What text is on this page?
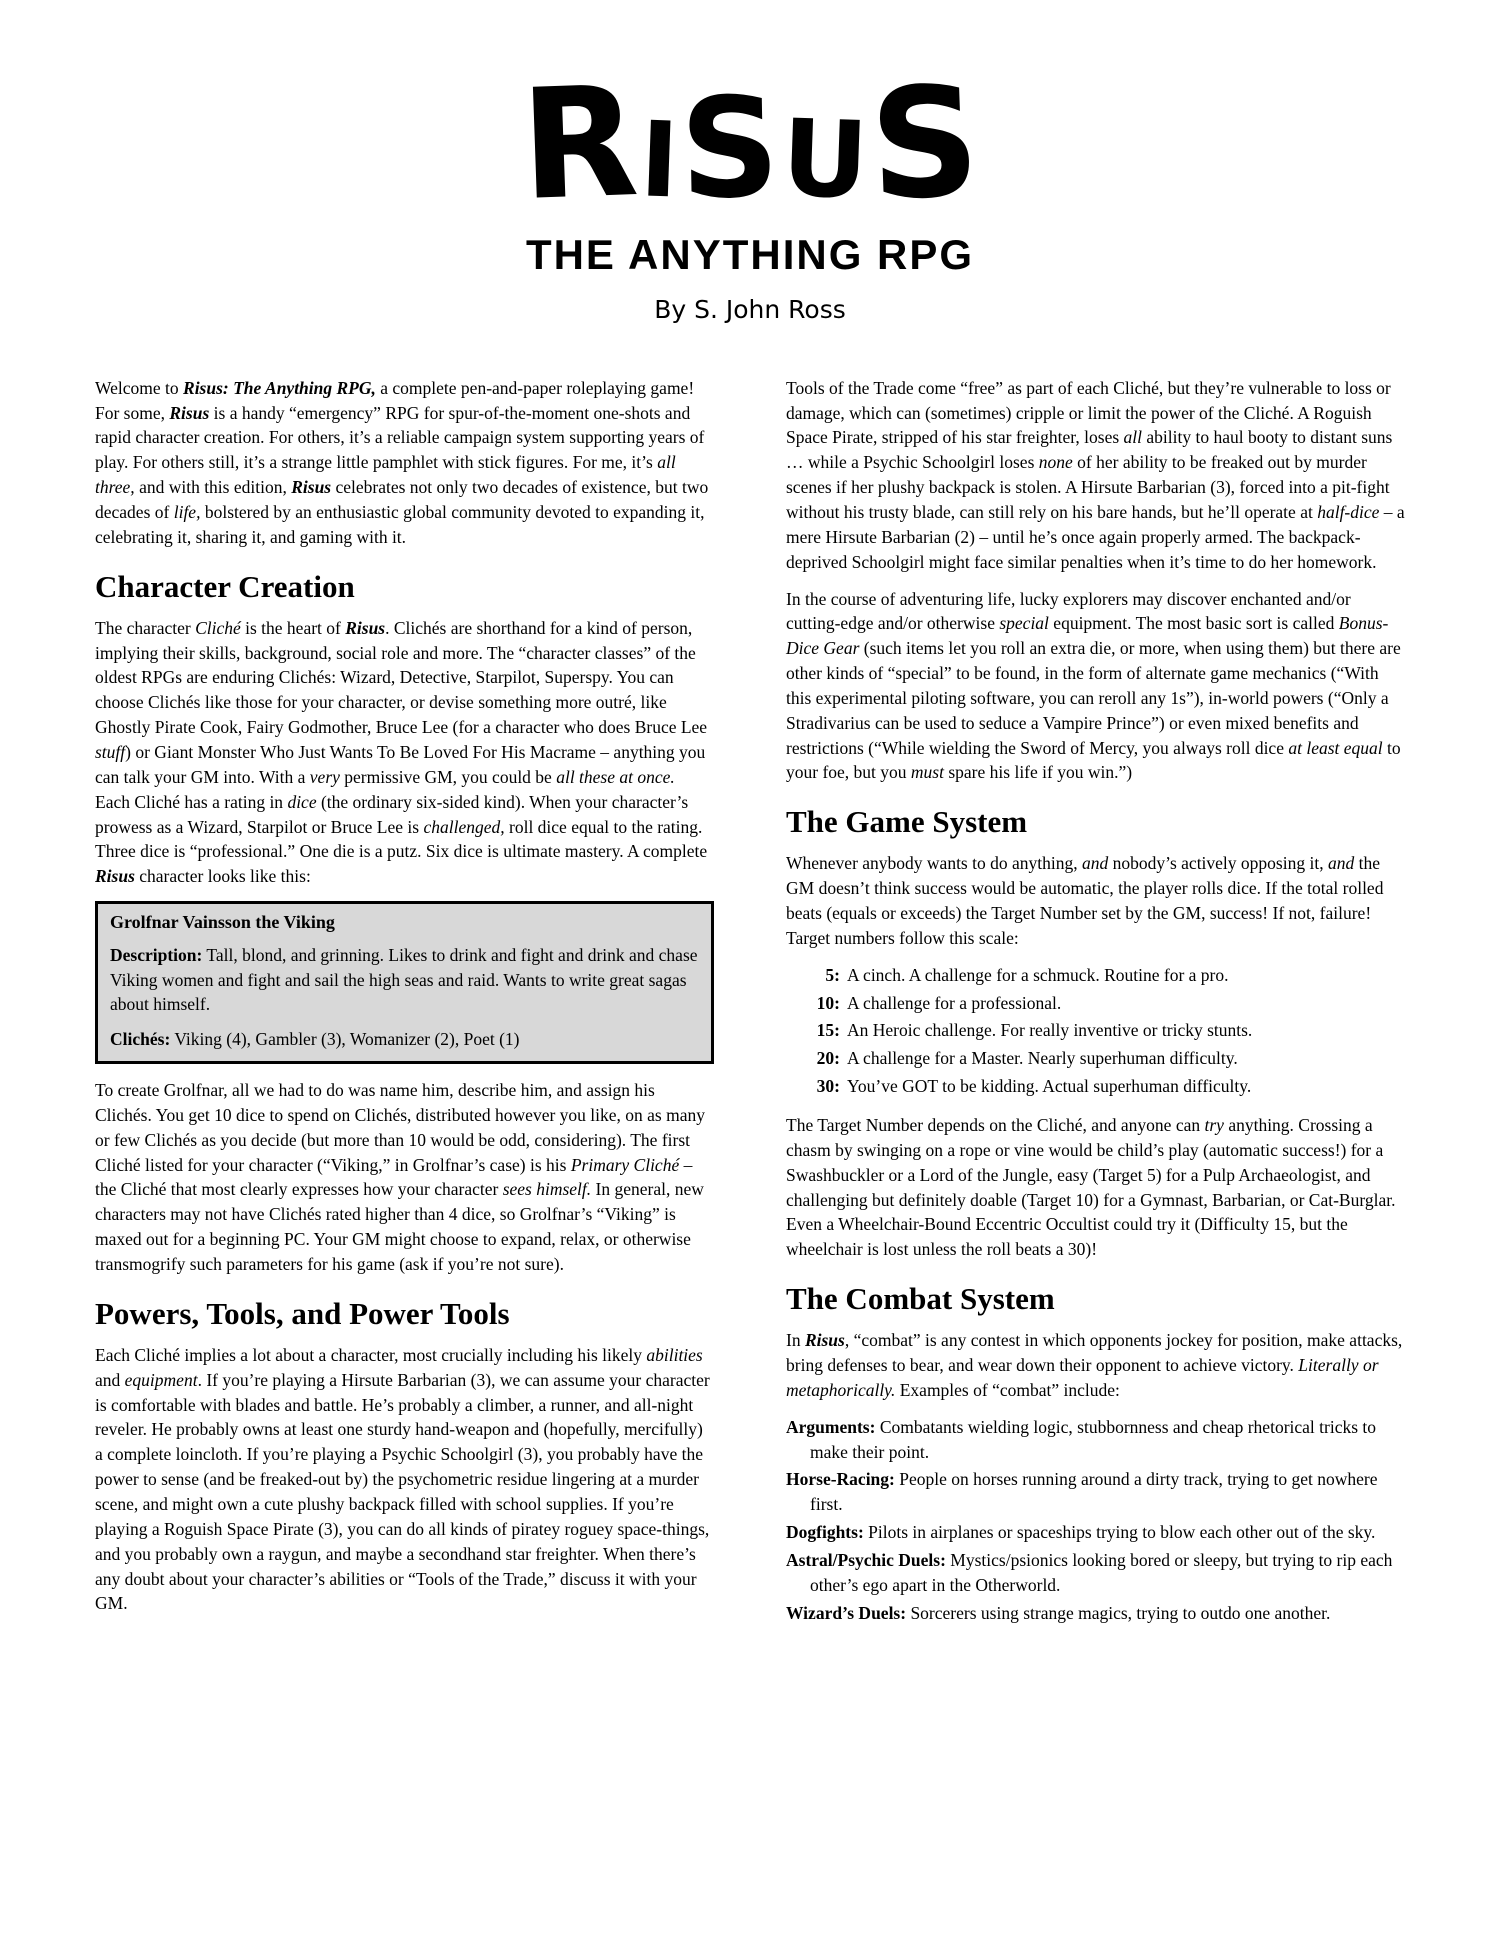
RISUS
THE ANYTHING RPG
By S. John Ross

Welcome to Risus: The Anything RPG, a complete pen-and-paper roleplaying game! For some, Risus is a handy “emergency” RPG for spur-of-the-moment one-shots and rapid character creation. For others, it’s a reliable campaign system supporting years of play. For others still, it’s a strange little pamphlet with stick figures. For me, it’s all three, and with this edition, Risus celebrates not only two decades of existence, but two decades of life, bolstered by an enthusiastic global community devoted to expanding it, celebrating it, sharing it, and gaming with it.

Character Creation

The character Cliché is the heart of Risus. Clichés are shorthand for a kind of person, implying their skills, background, social role and more. The “character classes” of the oldest RPGs are enduring Clichés: Wizard, Detective, Starpilot, Superspy. You can choose Clichés like those for your character, or devise something more outré, like Ghostly Pirate Cook, Fairy Godmother, Bruce Lee (for a character who does Bruce Lee stuff) or Giant Monster Who Just Wants To Be Loved For His Macrame – anything you can talk your GM into. With a very permissive GM, you could be all these at once. Each Cliché has a rating in dice (the ordinary six-sided kind). When your character’s prowess as a Wizard, Starpilot or Bruce Lee is challenged, roll dice equal to the rating. Three dice is “professional.” One die is a putz. Six dice is ultimate mastery. A complete Risus character looks like this:

Grolfnar Vainsson the Viking

Description: Tall, blond, and grinning. Likes to drink and fight and drink and chase Viking women and fight and sail the high seas and raid. Wants to write great sagas about himself.

Clichés: Viking (4), Gambler (3), Womanizer (2), Poet (1)

To create Grolfnar, all we had to do was name him, describe him, and assign his Clichés. You get 10 dice to spend on Clichés, distributed however you like, on as many or few Clichés as you decide (but more than 10 would be odd, considering). The first Cliché listed for your character (“Viking,” in Grolfnar’s case) is his Primary Cliché – the Cliché that most clearly expresses how your character sees himself. In general, new characters may not have Clichés rated higher than 4 dice, so Grolfnar’s “Viking” is maxed out for a beginning PC. Your GM might choose to expand, relax, or otherwise transmogrify such parameters for his game (ask if you’re not sure).

Powers, Tools, and Power Tools

Each Cliché implies a lot about a character, most crucially including his likely abilities and equipment. If you’re playing a Hirsute Barbarian (3), we can assume your character is comfortable with blades and battle. He’s probably a climber, a runner, and all-night reveler. He probably owns at least one sturdy hand-weapon and (hopefully, mercifully) a complete loincloth. If you’re playing a Psychic Schoolgirl (3), you probably have the power to sense (and be freaked-out by) the psychometric residue lingering at a murder scene, and might own a cute plushy backpack filled with school supplies. If you’re playing a Roguish Space Pirate (3), you can do all kinds of piratey roguey space-things, and you probably own a raygun, and maybe a secondhand star freighter. When there’s any doubt about your character’s abilities or “Tools of the Trade,” discuss it with your GM.

Tools of the Trade come “free” as part of each Cliché, but they’re vulnerable to loss or damage, which can (sometimes) cripple or limit the power of the Cliché. A Roguish Space Pirate, stripped of his star freighter, loses all ability to haul booty to distant suns … while a Psychic Schoolgirl loses none of her ability to be freaked out by murder scenes if her plushy backpack is stolen. A Hirsute Barbarian (3), forced into a pit-fight without his trusty blade, can still rely on his bare hands, but he’ll operate at half-dice – a mere Hirsute Barbarian (2) – until he’s once again properly armed. The backpack-deprived Schoolgirl might face similar penalties when it’s time to do her homework.

In the course of adventuring life, lucky explorers may discover enchanted and/or cutting-edge and/or otherwise special equipment. The most basic sort is called Bonus-Dice Gear (such items let you roll an extra die, or more, when using them) but there are other kinds of “special” to be found, in the form of alternate game mechanics (“With this experimental piloting software, you can reroll any 1s”), in-world powers (“Only a Stradivarius can be used to seduce a Vampire Prince”) or even mixed benefits and restrictions (“While wielding the Sword of Mercy, you always roll dice at least equal to your foe, but you must spare his life if you win.”)

The Game System

Whenever anybody wants to do anything, and nobody’s actively opposing it, and the GM doesn’t think success would be automatic, the player rolls dice. If the total rolled beats (equals or exceeds) the Target Number set by the GM, success! If not, failure! Target numbers follow this scale:

5: A cinch. A challenge for a schmuck. Routine for a pro.

10: A challenge for a professional.

15: An Heroic challenge. For really inventive or tricky stunts.

20: A challenge for a Master. Nearly superhuman difficulty.

30: You’ve GOT to be kidding. Actual superhuman difficulty.

The Target Number depends on the Cliché, and anyone can try anything. Crossing a chasm by swinging on a rope or vine would be child’s play (automatic success!) for a Swashbuckler or a Lord of the Jungle, easy (Target 5) for a Pulp Archaeologist, and challenging but definitely doable (Target 10) for a Gymnast, Barbarian, or Cat-Burglar. Even a Wheelchair-Bound Eccentric Occultist could try it (Difficulty 15, but the wheelchair is lost unless the roll beats a 30)!

The Combat System

In Risus, “combat” is any contest in which opponents jockey for position, make attacks, bring defenses to bear, and wear down their opponent to achieve victory. Literally or metaphorically. Examples of “combat” include:

Arguments: Combatants wielding logic, stubbornness and cheap rhetorical tricks to make their point.

Horse-Racing: People on horses running around a dirty track, trying to get nowhere first.

Dogfights: Pilots in airplanes or spaceships trying to blow each other out of the sky.

Astral/Psychic Duels: Mystics/psionics looking bored or sleepy, but trying to rip each other’s ego apart in the Otherworld.

Wizard’s Duels: Sorcerers using strange magics, trying to outdo one another.
